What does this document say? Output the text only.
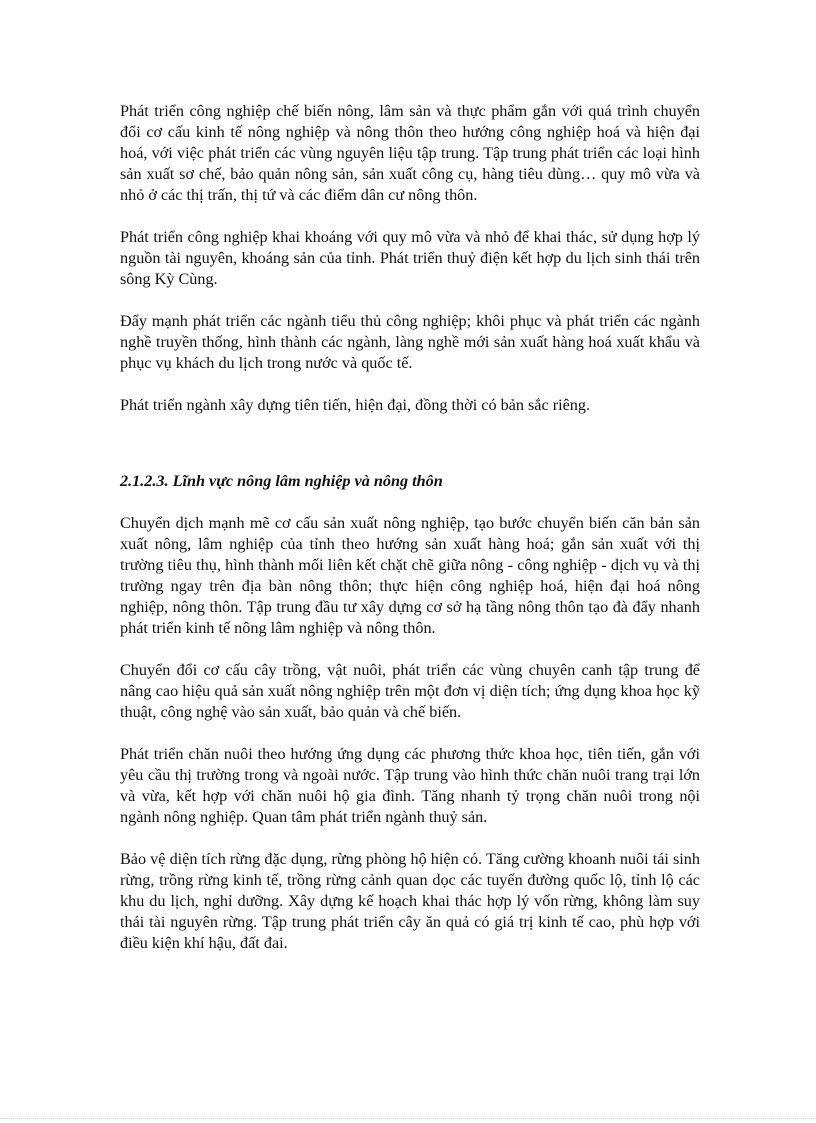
Phát triển công nghiệp chế biến nông, lâm sản và thực phẩm gắn với quá trình chuyển đổi cơ cấu kinh tế nông nghiệp và nông thôn theo hướng công nghiệp hoá và hiện đại hoá, với việc phát triển các vùng nguyên liệu tập trung. Tập trung phát triển các loại hình sản xuất sơ chế, bảo quản nông sản, sản xuất công cụ, hàng tiêu dùng… quy mô vừa và nhỏ ở các thị trấn, thị tứ và các điểm dân cư nông thôn.

Phát triển công nghiệp khai khoáng với quy mô vừa và nhỏ để khai thác, sử dụng hợp lý nguồn tài nguyên, khoáng sản của tỉnh. Phát triển thuỷ điện kết hợp du lịch sinh thái trên sông Kỳ Cùng.

Đẩy mạnh phát triển các ngành tiểu thủ công nghiệp; khôi phục và phát triển các ngành nghề truyền thống, hình thành các ngành, làng nghề mới sản xuất hàng hoá xuất khẩu và phục vụ khách du lịch trong nước và quốc tế.

Phát triển ngành xây dựng tiên tiến, hiện đại, đồng thời có bản sắc riêng.

2.1.2.3. Lĩnh vực nông lâm nghiệp và nông thôn

Chuyển dịch mạnh mẽ cơ cấu sản xuất nông nghiệp, tạo bước chuyển biến căn bản sản xuất nông, lâm nghiệp của tỉnh theo hướng sản xuất hàng hoá; gắn sản xuất với thị trường tiêu thụ, hình thành mối liên kết chặt chẽ giữa nông - công nghiệp - dịch vụ và thị trường ngay trên địa bàn nông thôn; thực hiện công nghiệp hoá, hiện đại hoá nông nghiệp, nông thôn. Tập trung đầu tư xây dựng cơ sở hạ tầng nông thôn tạo đà đẩy nhanh phát triển kinh tế nông lâm nghiệp và nông thôn.

Chuyển đổi cơ cấu cây trồng, vật nuôi, phát triển các vùng chuyên canh tập trung để nâng cao hiệu quả sản xuất nông nghiệp trên một đơn vị diện tích; ứng dụng khoa học kỹ thuật, công nghệ vào sản xuất, bảo quản và chế biến.

Phát triển chăn nuôi theo hướng ứng dụng các phương thức khoa học, tiên tiến, gắn với yêu cầu thị trường trong và ngoài nước. Tập trung vào hình thức chăn nuôi trang trại lớn và vừa, kết hợp với chăn nuôi hộ gia đình. Tăng nhanh tỷ trọng chăn nuôi trong nội ngành nông nghiệp. Quan tâm phát triển ngành thuỷ sản.

Bảo vệ diện tích rừng đặc dụng, rừng phòng hộ hiện có. Tăng cường khoanh nuôi tái sinh rừng, trồng rừng kinh tế, trồng rừng cảnh quan dọc các tuyến đường quốc lộ, tỉnh lộ các khu du lịch, nghỉ dưỡng. Xây dựng kế hoạch khai thác hợp lý vốn rừng, không làm suy thái tài nguyên rừng. Tập trung phát triển cây ăn quả có giá trị kinh tế cao, phù hợp với điều kiện khí hậu, đất đai.
